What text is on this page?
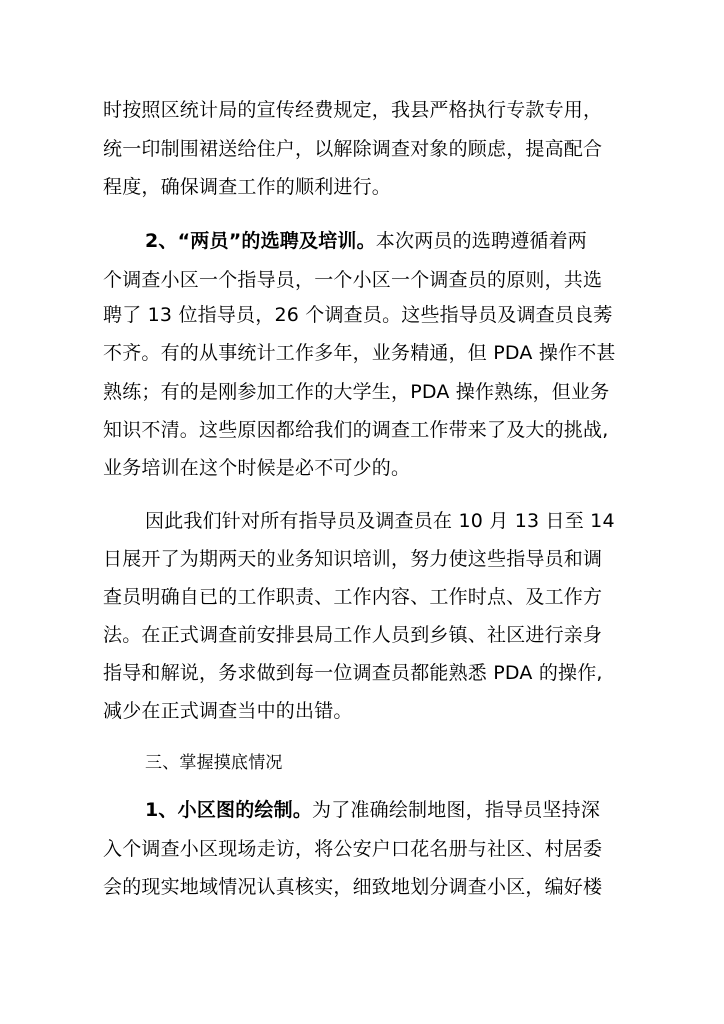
时按照区统计局的宣传经费规定，我县严格执行专款专用，
统一印制围裙送给住户，以解除调查对象的顾虑，提高配合
程度，确保调查工作的顺利进行。
2、“两员”的选聘及培训。本次两员的选聘遵循着两
个调查小区一个指导员，一个小区一个调查员的原则，共选
聘了 13 位指导员，26 个调查员。这些指导员及调查员良莠
不齐。有的从事统计工作多年，业务精通，但 PDA 操作不甚
熟练；有的是刚参加工作的大学生，PDA 操作熟练，但业务
知识不清。这些原因都给我们的调查工作带来了及大的挑战,
业务培训在这个时候是必不可少的。
因此我们针对所有指导员及调查员在 10 月 13 日至 14
日展开了为期两天的业务知识培训，努力使这些指导员和调
查员明确自已的工作职责、工作内容、工作时点、及工作方
法。在正式调查前安排县局工作人员到乡镇、社区进行亲身
指导和解说，务求做到每一位调查员都能熟悉 PDA 的操作,
减少在正式调查当中的出错。
三、掌握摸底情况
1、小区图的绘制。为了准确绘制地图，指导员坚持深
入个调查小区现场走访，将公安户口花名册与社区、村居委
会的现实地域情况认真核实，细致地划分调查小区，编好楼
